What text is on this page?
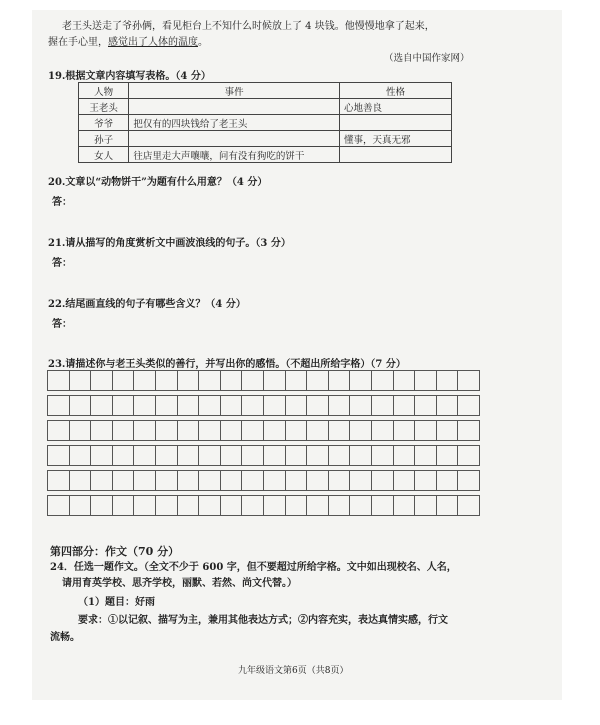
老王头送走了爷孙俩，看见柜台上不知什么时候放上了 4 块钱。他慢慢地拿了起来，
握在手心里，感觉出了人体的温度。
（选自中国作家网）
19.根据文章内容填写表格。（4 分）
人物	事件	性格
王老头		心地善良
爷爷	把仅有的四块钱给了老王头	
孙子		懂事，天真无邪
女人	往店里走大声嚷嚷，问有没有狗吃的饼干	
20.文章以“动物饼干”为题有什么用意？（4 分）
答：
21.请从描写的角度赏析文中画波浪线的句子。（3 分）
答：
22.结尾画直线的句子有哪些含义？（4 分）
答：
23.请描述你与老王头类似的善行，并写出你的感悟。（不超出所给字格）（7 分）
第四部分：作文（70 分）
24．任选一题作文。（全文不少于 600 字，但不要超过所给字格。文中如出现校名、人名，
请用育英学校、思齐学校，丽默、若然、尚文代替。）
（1）题目：好雨
要求：①以记叙、描写为主，兼用其他表达方式；②内容充实，表达真情实感，行文
流畅。
九年级语文第6页（共8页）
